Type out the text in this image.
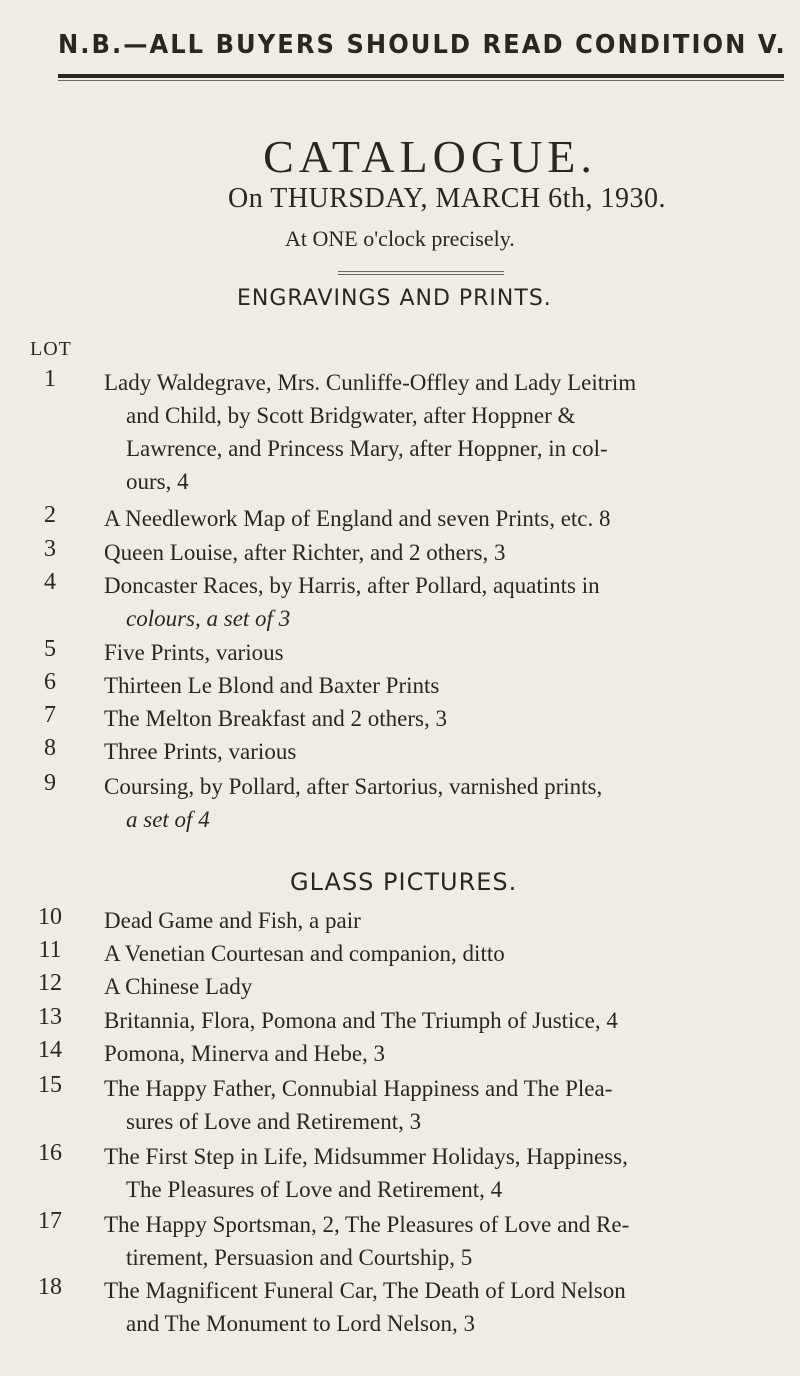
N.B.—ALL BUYERS SHOULD READ CONDITION V.
CATALOGUE.
On THURSDAY, MARCH 6th, 1930.
At ONE o'clock precisely.
ENGRAVINGS AND PRINTS.
LOT
1	Lady Waldegrave, Mrs. Cunliffe-Offley and Lady Leitrim
and Child, by Scott Bridgwater, after Hoppner &
Lawrence, and Princess Mary, after Hoppner, in col-
ours, 4
2	A Needlework Map of England and seven Prints, etc. 8
3	Queen Louise, after Richter, and 2 others, 3
4	Doncaster Races, by Harris, after Pollard, aquatints in
colours, a set of 3
5	Five Prints, various
6	Thirteen Le Blond and Baxter Prints
7	The Melton Breakfast and 2 others, 3
8	Three Prints, various
9	Coursing, by Pollard, after Sartorius, varnished prints,
a set of 4
GLASS PICTURES.
10	Dead Game and Fish, a pair
11	A Venetian Courtesan and companion, ditto
12	A Chinese Lady
13	Britannia, Flora, Pomona and The Triumph of Justice, 4
14	Pomona, Minerva and Hebe, 3
15	The Happy Father, Connubial Happiness and The Plea-
sures of Love and Retirement, 3
16	The First Step in Life, Midsummer Holidays, Happiness,
The Pleasures of Love and Retirement, 4
17	The Happy Sportsman, 2, The Pleasures of Love and Re-
tirement, Persuasion and Courtship, 5
18	The Magnificent Funeral Car, The Death of Lord Nelson
and The Monument to Lord Nelson, 3
